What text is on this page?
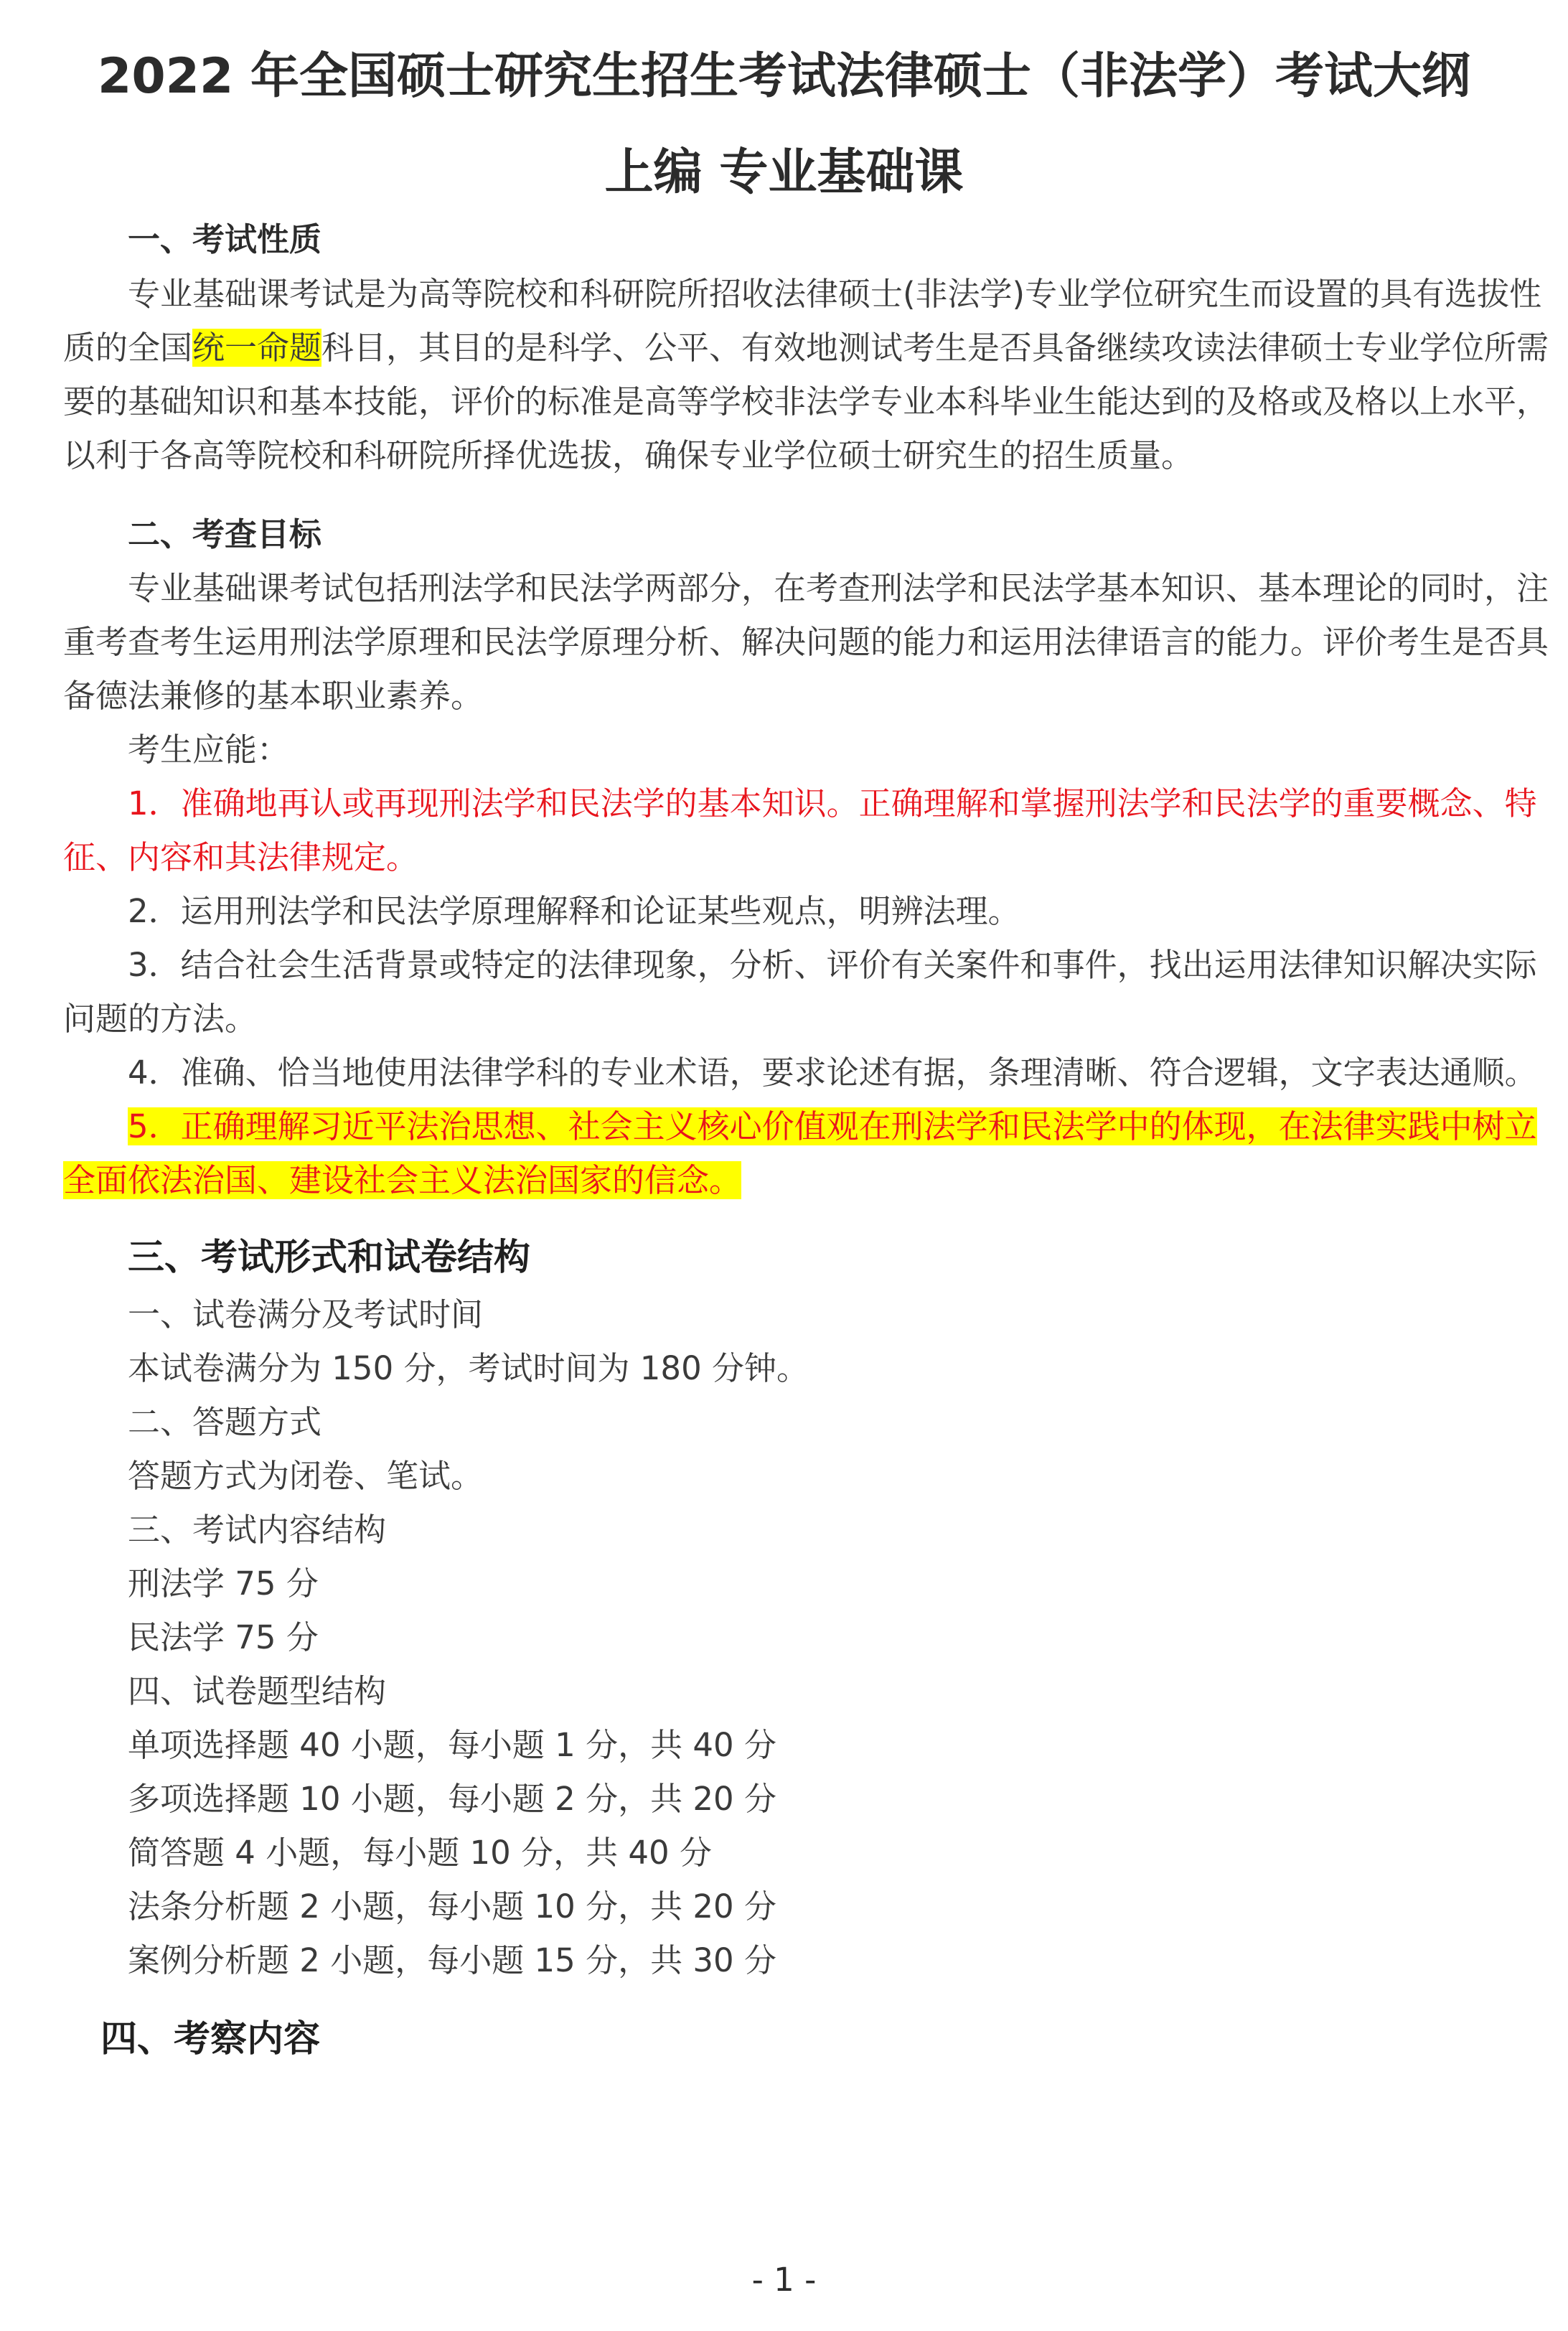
2022 年全国硕士研究生招生考试法律硕士（非法学）考试大纲
上编 专业基础课
一、考试性质
专业基础课考试是为高等院校和科研院所招收法律硕士(非法学)专业学位研究生而设置的具有选拔性
质的全国统一命题科目，其目的是科学、公平、有效地测试考生是否具备继续攻读法律硕士专业学位所需
要的基础知识和基本技能，评价的标准是高等学校非法学专业本科毕业生能达到的及格或及格以上水平，
以利于各高等院校和科研院所择优选拔，确保专业学位硕士研究生的招生质量。
二、考查目标
专业基础课考试包括刑法学和民法学两部分，在考查刑法学和民法学基本知识、基本理论的同时，注
重考查考生运用刑法学原理和民法学原理分析、解决问题的能力和运用法律语言的能力。评价考生是否具
备德法兼修的基本职业素养。
考生应能：
1．准确地再认或再现刑法学和民法学的基本知识。正确理解和掌握刑法学和民法学的重要概念、特
征、内容和其法律规定。
2．运用刑法学和民法学原理解释和论证某些观点，明辨法理。
3．结合社会生活背景或特定的法律现象，分析、评价有关案件和事件，找出运用法律知识解决实际
问题的方法。
4．准确、恰当地使用法律学科的专业术语，要求论述有据，条理清晰、符合逻辑，文字表达通顺。
5．正确理解习近平法治思想、社会主义核心价值观在刑法学和民法学中的体现，在法律实践中树立
全面依法治国、建设社会主义法治国家的信念。
三、考试形式和试卷结构
一、试卷满分及考试时间
本试卷满分为 150 分，考试时间为 180 分钟。
二、答题方式
答题方式为闭卷、笔试。
三、考试内容结构
刑法学 75 分
民法学 75 分
四、试卷题型结构
单项选择题 40 小题，每小题 1 分，共 40 分
多项选择题 10 小题，每小题 2 分，共 20 分
简答题 4 小题，每小题 10 分，共 40 分
法条分析题 2 小题，每小题 10 分，共 20 分
案例分析题 2 小题，每小题 15 分，共 30 分
四、考察内容
- 1 -
